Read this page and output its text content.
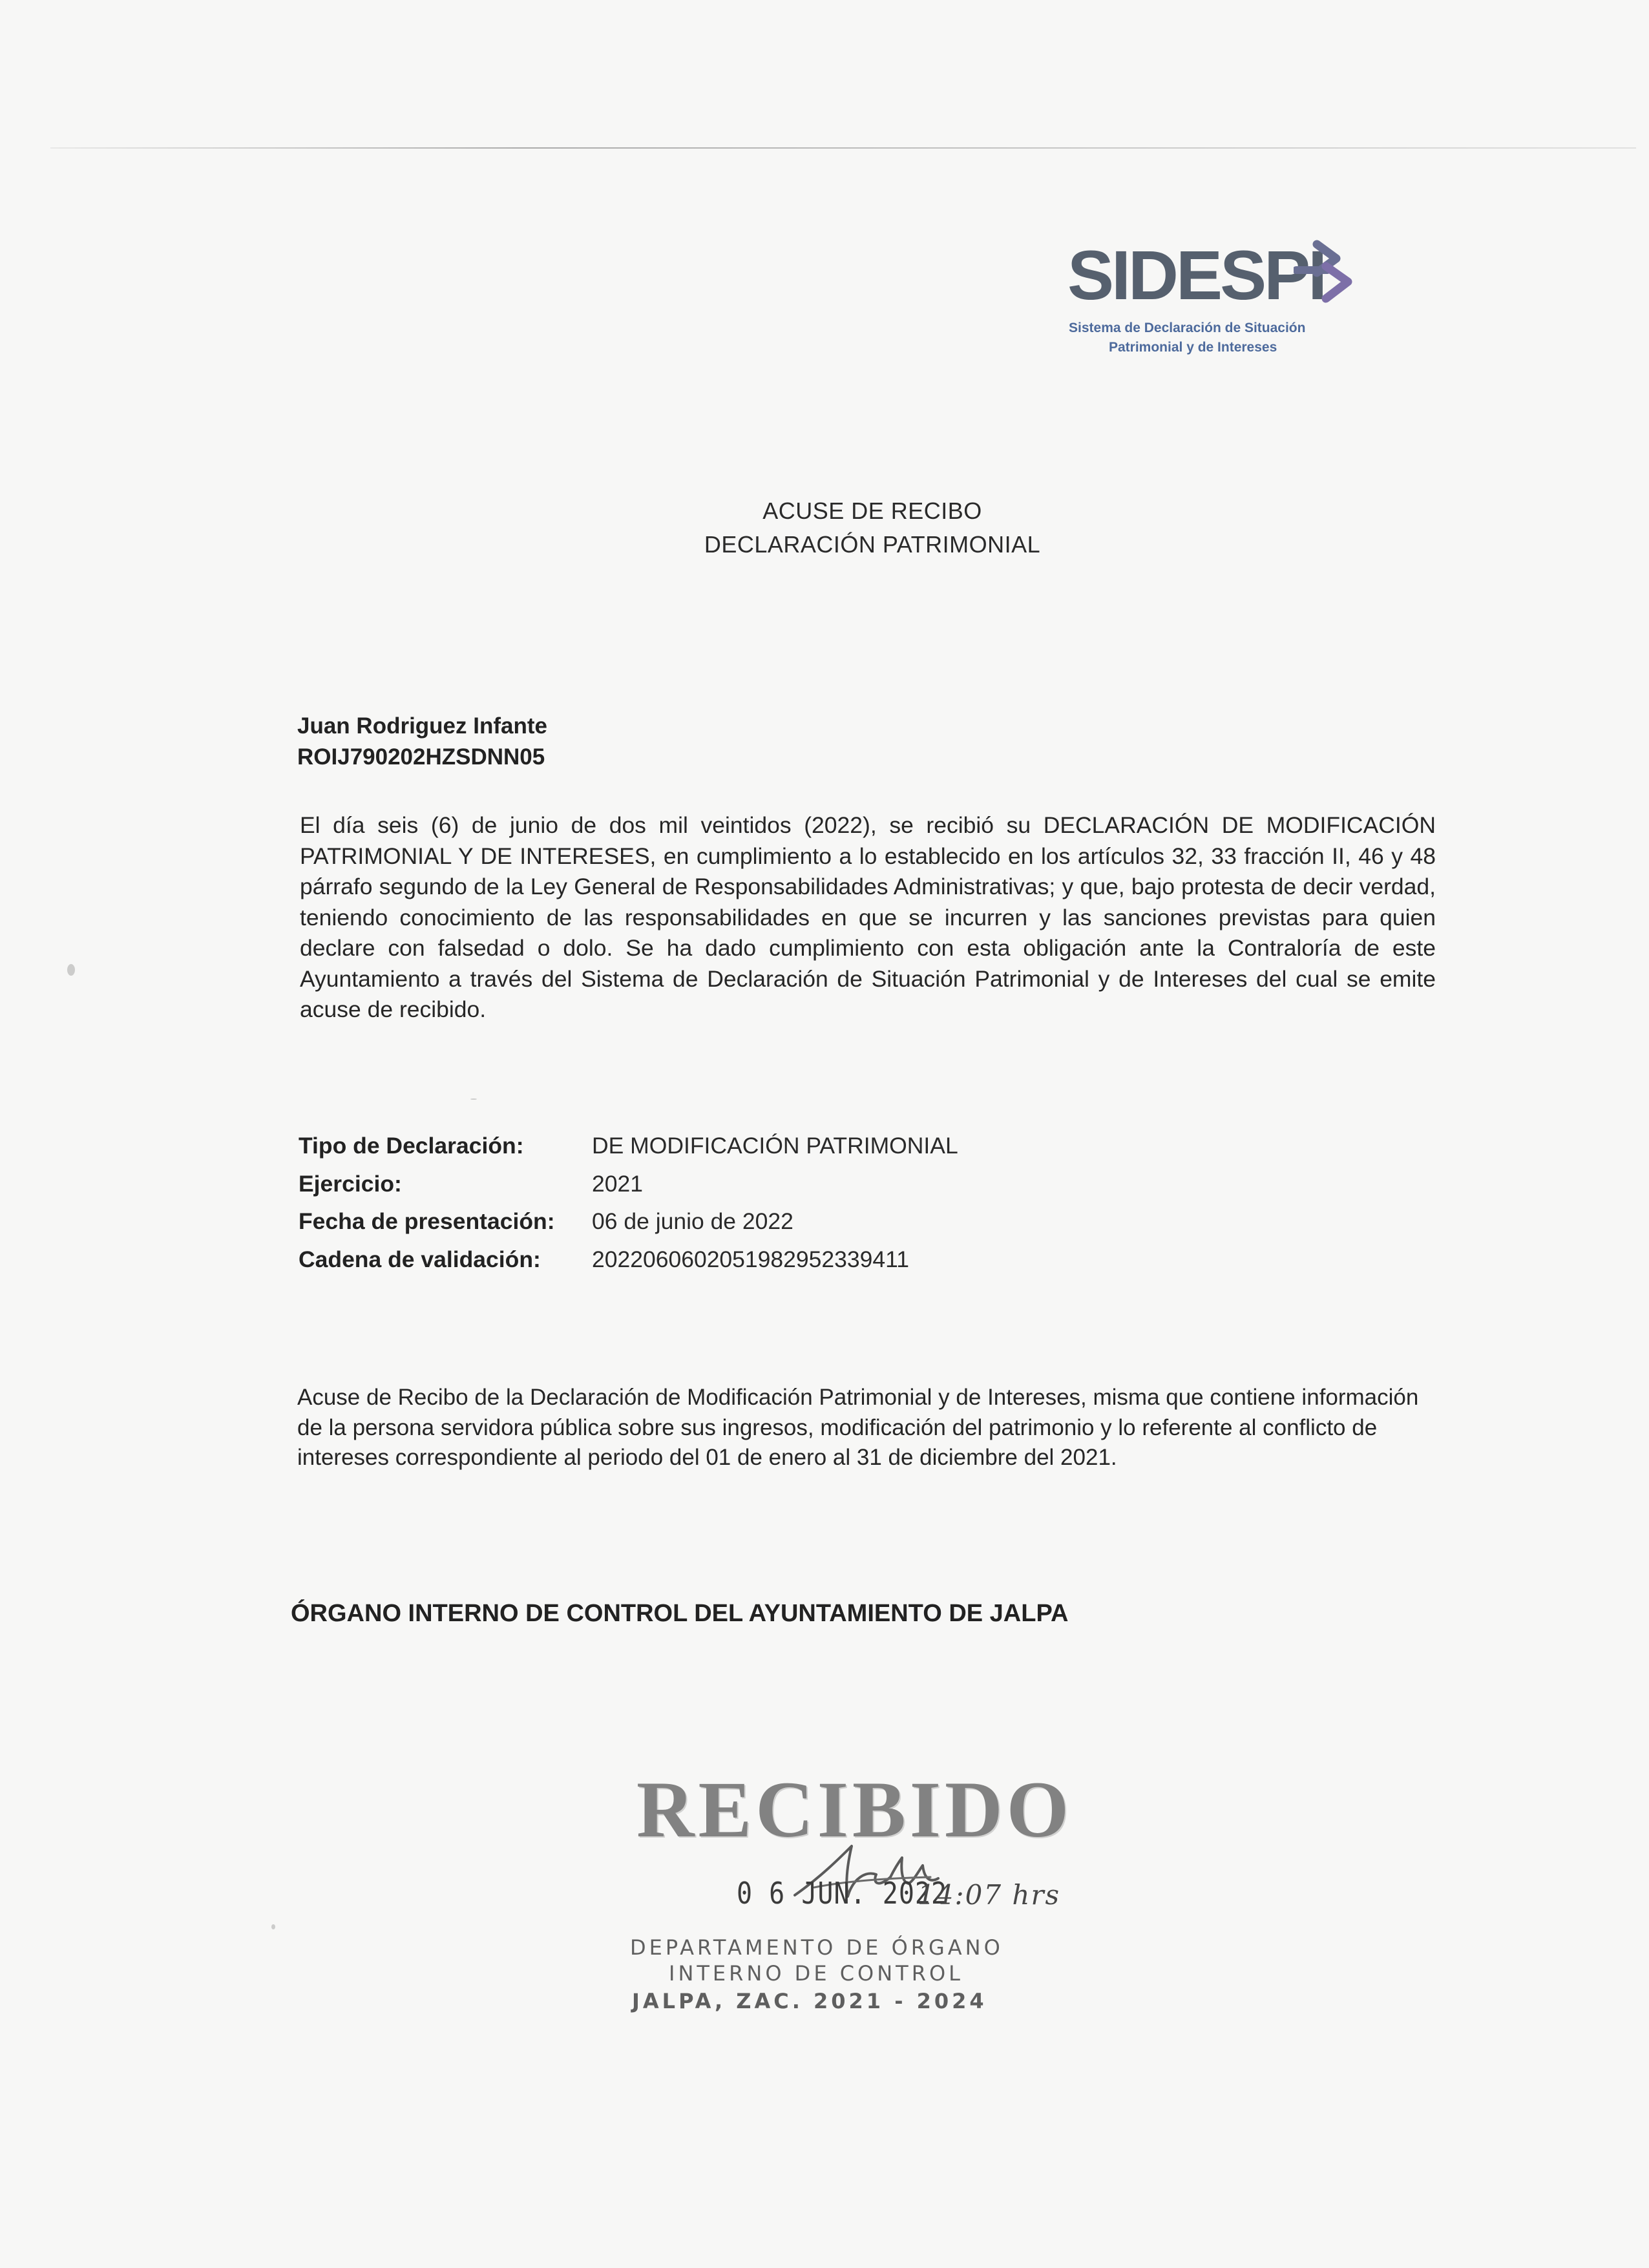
SIDESPI
Sistema de Declaración de Situación
Patrimonial y de Intereses
ACUSE DE RECIBO
DECLARACIÓN PATRIMONIAL
Juan Rodriguez Infante
ROIJ790202HZSDNN05
El día seis (6) de junio de dos mil veintidos (2022), se recibió su DECLARACIÓN DE MODIFICACIÓN PATRIMONIAL Y DE INTERESES, en cumplimiento a lo establecido en los artículos 32, 33 fracción II, 46 y 48 párrafo segundo de la Ley General de Responsabilidades Administrativas; y que, bajo protesta de decir verdad, teniendo conocimiento de las responsabilidades en que se incurren y las sanciones previstas para quien declare con falsedad o dolo. Se ha dado cumplimiento con esta obligación ante la Contraloría de este Ayuntamiento a través del Sistema de Declaración de Situación Patrimonial y de Intereses del cual se emite acuse de recibido.
Tipo de Declaración:	DE MODIFICACIÓN PATRIMONIAL
Ejercicio:	2021
Fecha de presentación:	06 de junio de 2022
Cadena de validación:	20220606020519829523394​11
Acuse de Recibo de la Declaración de Modificación Patrimonial y de Intereses, misma que contiene información de la persona servidora pública sobre sus ingresos, modificación del patrimonio y lo referente al conflicto de intereses correspondiente al periodo del 01 de enero al 31 de diciembre del 2021.
ÓRGANO INTERNO DE CONTROL DEL AYUNTAMIENTO DE JALPA
RECIBIDO
0 6 JUN. 2022
14:07 hrs
DEPARTAMENTO DE ÓRGANO
INTERNO DE CONTROL
JALPA, ZAC. 2021 - 2024
